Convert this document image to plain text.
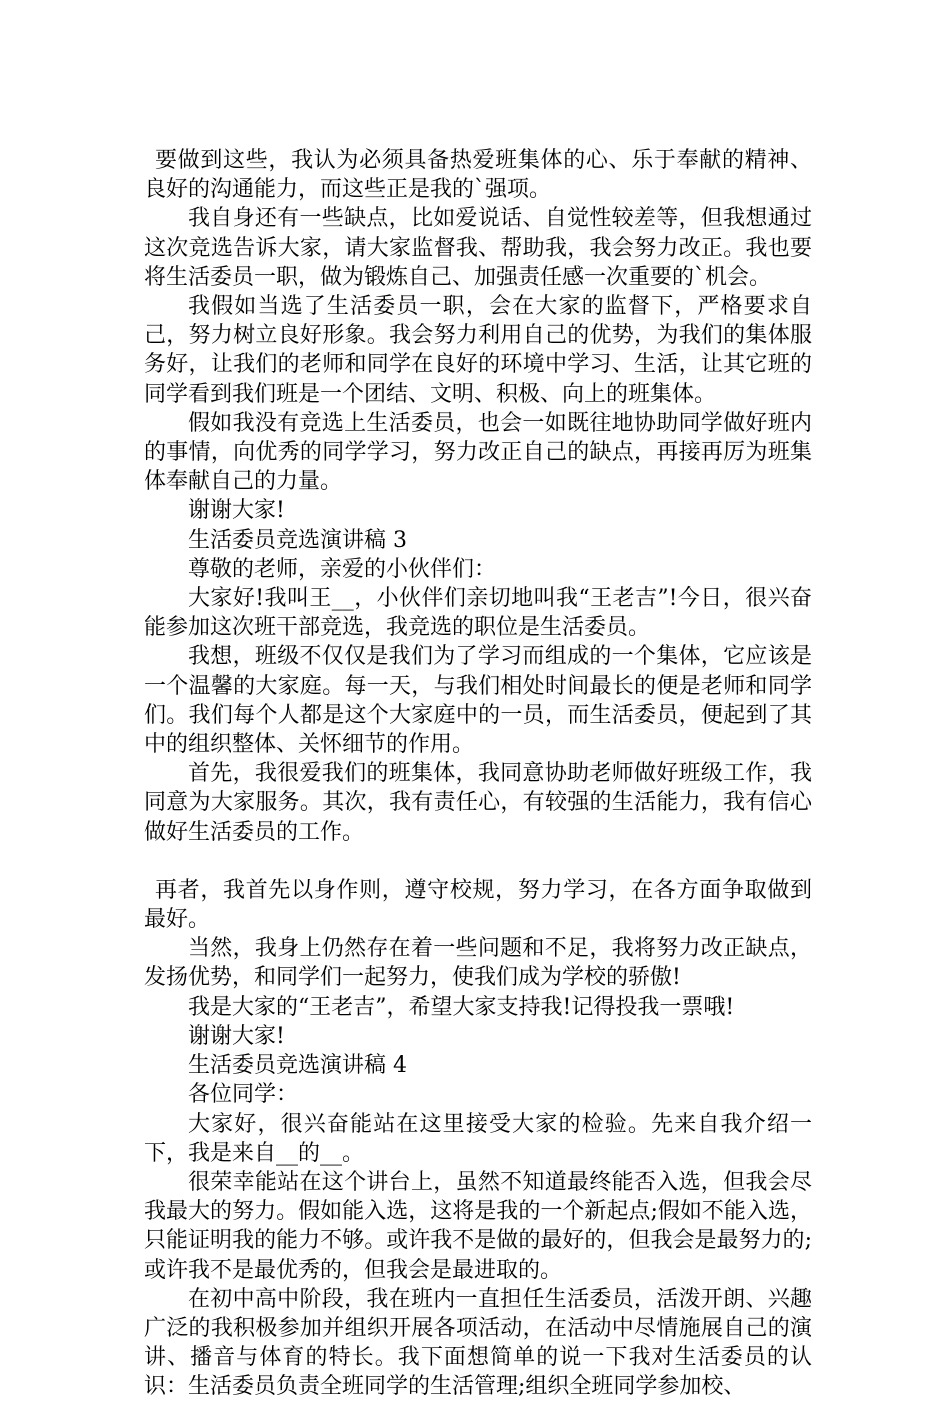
要做到这些，我认为必须具备热爱班集体的心、乐于奉献的精神、良好的沟通能力，而这些正是我的`强项。

我自身还有一些缺点，比如爱说话、自觉性较差等，但我想通过这次竞选告诉大家，请大家监督我、帮助我，我会努力改正。我也要将生活委员一职，做为锻炼自己、加强责任感一次重要的`机会。

我假如当选了生活委员一职，会在大家的监督下，严格要求自己，努力树立良好形象。我会努力利用自己的优势，为我们的集体服务好，让我们的老师和同学在良好的环境中学习、生活，让其它班的同学看到我们班是一个团结、文明、积极、向上的班集体。

假如我没有竞选上生活委员，也会一如既往地协助同学做好班内的事情，向优秀的同学学习，努力改正自己的缺点，再接再厉为班集体奉献自己的力量。

谢谢大家!

生活委员竞选演讲稿 3

尊敬的老师，亲爱的小伙伴们：

大家好!我叫王__，小伙伴们亲切地叫我“王老吉”!今日，很兴奋能参加这次班干部竞选，我竞选的职位是生活委员。

我想，班级不仅仅是我们为了学习而组成的一个集体，它应该是一个温馨的大家庭。每一天，与我们相处时间最长的便是老师和同学们。我们每个人都是这个大家庭中的一员，而生活委员，便起到了其中的组织整体、关怀细节的作用。

首先，我很爱我们的班集体，我同意协助老师做好班级工作，我同意为大家服务。其次，我有责任心，有较强的生活能力，我有信心做好生活委员的工作。

再者，我首先以身作则，遵守校规，努力学习，在各方面争取做到最好。

当然，我身上仍然存在着一些问题和不足，我将努力改正缺点，发扬优势，和同学们一起努力，使我们成为学校的骄傲!

我是大家的“王老吉”，希望大家支持我!记得投我一票哦!

谢谢大家!

生活委员竞选演讲稿 4

各位同学：

大家好，很兴奋能站在这里接受大家的检验。先来自我介绍一下，我是来自__的__。

很荣幸能站在这个讲台上，虽然不知道最终能否入选，但我会尽我最大的努力。假如能入选，这将是我的一个新起点;假如不能入选，只能证明我的能力不够。或许我不是做的最好的，但我会是最努力的;或许我不是最优秀的，但我会是最进取的。

在初中高中阶段，我在班内一直担任生活委员，活泼开朗、兴趣广泛的我积极参加并组织开展各项活动，在活动中尽情施展自己的演讲、播音与体育的特长。我下面想简单的说一下我对生活委员的认识：生活委员负责全班同学的生活管理;组织全班同学参加校、
